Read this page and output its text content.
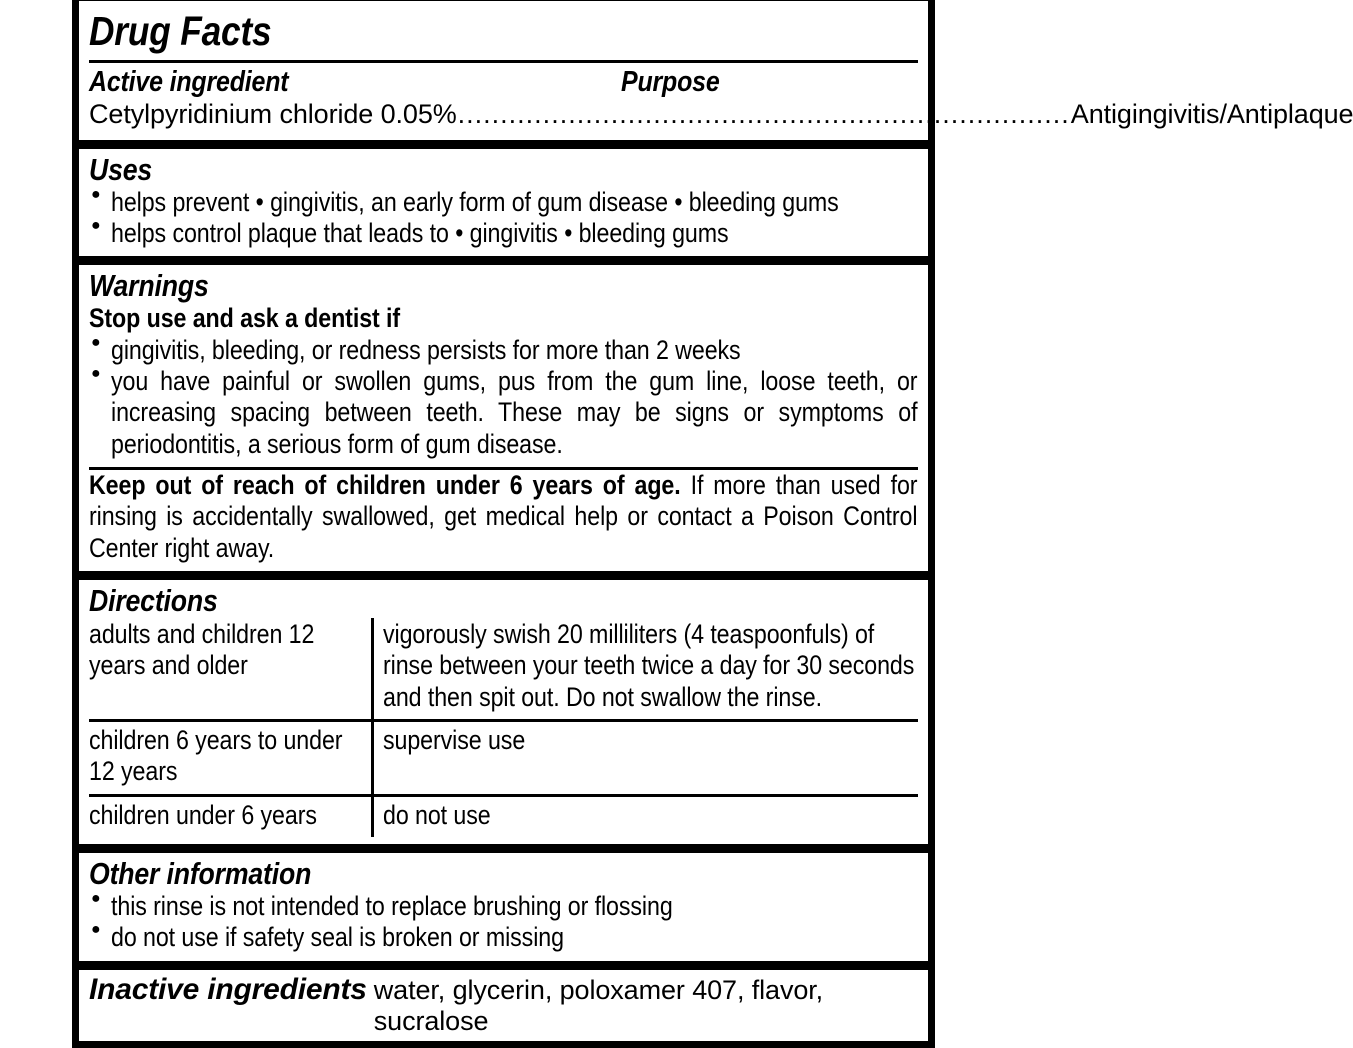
Drug Facts
Active ingredient	Purpose
Cetylpyridinium chloride 0.05% ........................................................................ Antigingivitis/Antiplaque
Uses
● helps prevent • gingivitis, an early form of gum disease • bleeding gums
● helps control plaque that leads to • gingivitis • bleeding gums
Warnings
Stop use and ask a dentist if
● gingivitis, bleeding, or redness persists for more than 2 weeks
● you have painful or swollen gums, pus from the gum line, loose teeth, or increasing spacing between teeth. These may be signs or symptoms of periodontitis, a serious form of gum disease.
Keep out of reach of children under 6 years of age. If more than used for rinsing is accidentally swallowed, get medical help or contact a Poison Control Center right away.
Directions
adults and children 12 years and older	vigorously swish 20 milliliters (4 teaspoonfuls) of rinse between your teeth twice a day for 30 seconds and then spit out. Do not swallow the rinse.

children 6 years to under 12 years	supervise use

children under 6 years	do not use
Other information
● this rinse is not intended to replace brushing or flossing
● do not use if safety seal is broken or missing
Inactive ingredients water, glycerin, poloxamer 407, flavor, sucralose
